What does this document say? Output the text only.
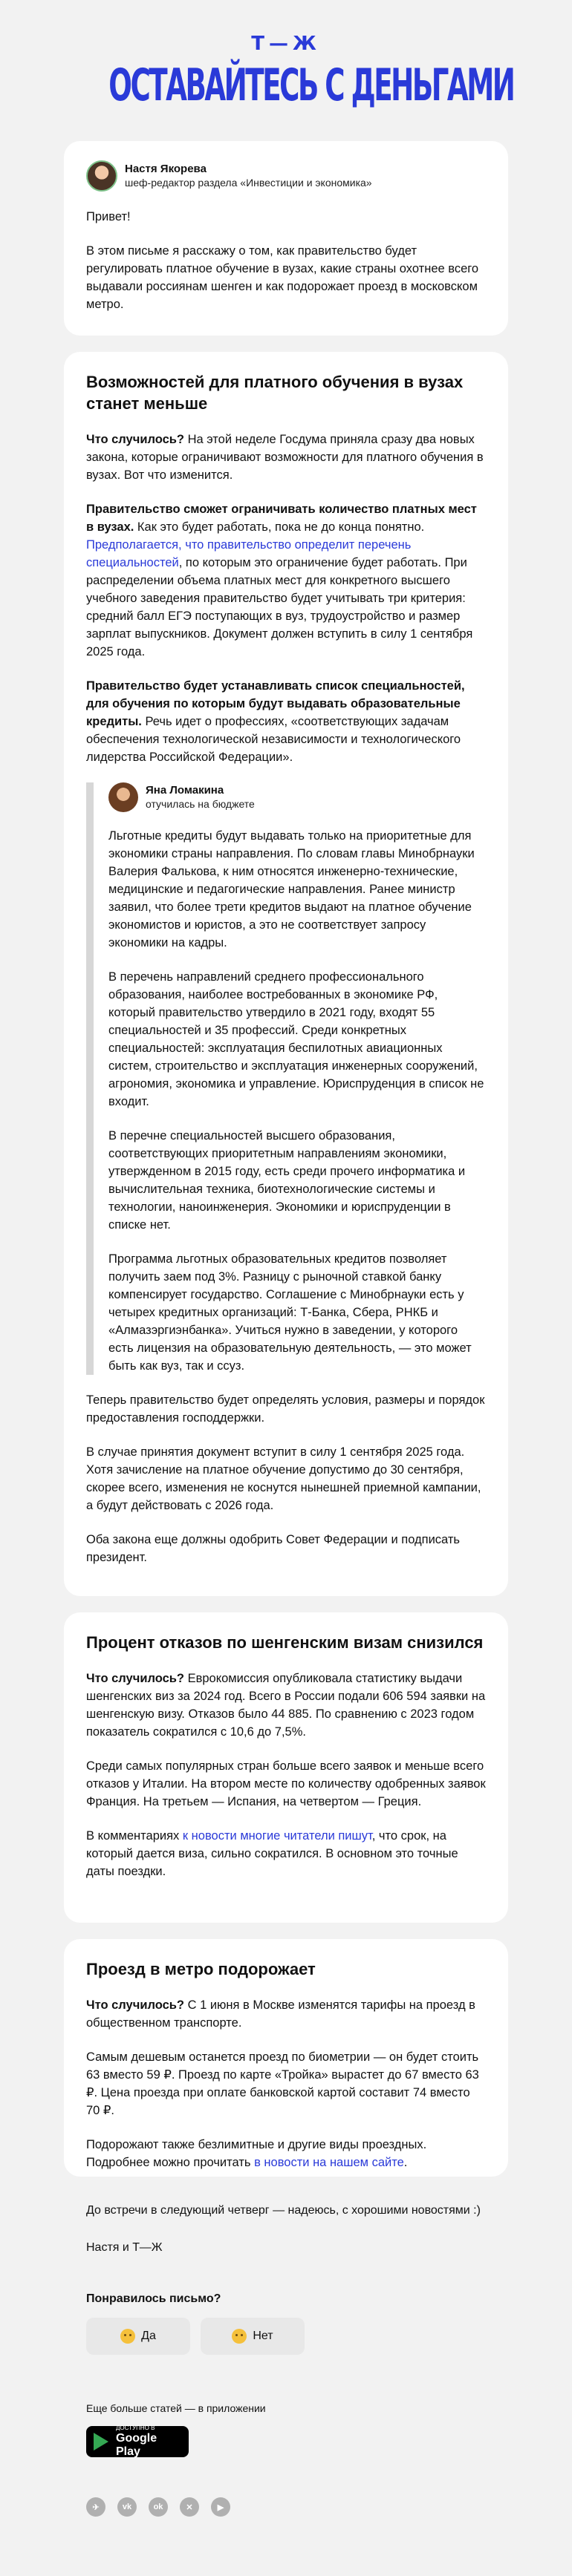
Т—Ж
ОСТАВАЙТЕСЬ С ДЕНЬГАМИ
Настя Якорева
шеф-редактор раздела «Инвестиции и экономика»

Привет!

В этом письме я расскажу о том, как правительство будет регулировать платное обучение в вузах, какие страны охотнее всего выдавали россиянам шенген и как подорожает проезд в московском метро.

Возможностей для платного обучения в вузах станет меньше

Что случилось? На этой неделе Госдума приняла сразу два новых закона, которые ограничивают возможности для платного обучения в вузах. Вот что изменится.

Правительство сможет ограничивать количество платных мест в вузах. Как это будет работать, пока не до конца понятно. Предполагается, что правительство определит перечень специальностей, по которым это ограничение будет работать. При распределении объема платных мест для конкретного высшего учебного заведения правительство будет учитывать три критерия: средний балл ЕГЭ поступающих в вуз, трудоустройство и размер зарплат выпускников. Документ должен вступить в силу 1 сентября 2025 года.

Правительство будет устанавливать список специальностей, для обучения по которым будут выдавать образовательные кредиты. Речь идет о профессиях, «соответствующих задачам обеспечения технологической независимости и технологического лидерства Российской Федерации».

Яна Ломакина
отучилась на бюджете

Льготные кредиты будут выдавать только на приоритетные для экономики страны направления. По словам главы Минобрнауки Валерия Фалькова, к ним относятся инженерно-технические, медицинские и педагогические направления. Ранее министр заявил, что более трети кредитов выдают на платное обучение экономистов и юристов, а это не соответствует запросу экономики на кадры.

В перечень направлений среднего профессионального образования, наиболее востребованных в экономике РФ, который правительство утвердило в 2021 году, входят 55 специальностей и 35 профессий. Среди конкретных специальностей: эксплуатация беспилотных авиационных систем, строительство и эксплуатация инженерных сооружений, агрономия, экономика и управление. Юриспруденция в список не входит.

В перечне специальностей высшего образования, соответствующих приоритетным направлениям экономики, утвержденном в 2015 году, есть среди прочего информатика и вычислительная техника, биотехнологические системы и технологии, наноинженерия. Экономики и юриспруденции в списке нет.

Программа льготных образовательных кредитов позволяет получить заем под 3%. Разницу с рыночной ставкой банку компенсирует государство. Соглашение с Минобрнауки есть у четырех кредитных организаций: Т-Банка, Сбера, РНКБ и «Алмазэргиэнбанка». Учиться нужно в заведении, у которого есть лицензия на образовательную деятельность, — это может быть как вуз, так и ссуз.

Теперь правительство будет определять условия, размеры и порядок предоставления господдержки.

В случае принятия документ вступит в силу 1 сентября 2025 года. Хотя зачисление на платное обучение допустимо до 30 сентября, скорее всего, изменения не коснутся нынешней приемной кампании, а будут действовать с 2026 года.

Оба закона еще должны одобрить Совет Федерации и подписать президент.

Процент отказов по шенгенским визам снизился

Что случилось? Еврокомиссия опубликовала статистику выдачи шенгенских виз за 2024 год. Всего в России подали 606 594 заявки на шенгенскую визу. Отказов было 44 885. По сравнению с 2023 годом показатель сократился с 10,6 до 7,5%.

Среди самых популярных стран больше всего заявок и меньше всего отказов у Италии. На втором месте по количеству одобренных заявок Франция. На третьем — Испания, на четвертом — Греция.

В комментариях к новости многие читатели пишут, что срок, на который дается виза, сильно сократился. В основном это точные даты поездки.

Проезд в метро подорожает

Что случилось? С 1 июня в Москве изменятся тарифы на проезд в общественном транспорте.

Самым дешевым останется проезд по биометрии — он будет стоить 63 вместо 59 ₽. Проезд по карте «Тройка» вырастет до 67 вместо 63 ₽. Цена проезда при оплате банковской картой составит 74 вместо 70 ₽.

Подорожают также безлимитные и другие виды проездных. Подробнее можно прочитать в новости на нашем сайте.

До встречи в следующий четверг — надеюсь, с хорошими новостями :)

Настя и Т—Ж

Понравилось письмо?
Да	Нет
Еще больше статей — в приложении
ДОСТУПНО В
Google Play
✈	vk	ok	✕	▶
